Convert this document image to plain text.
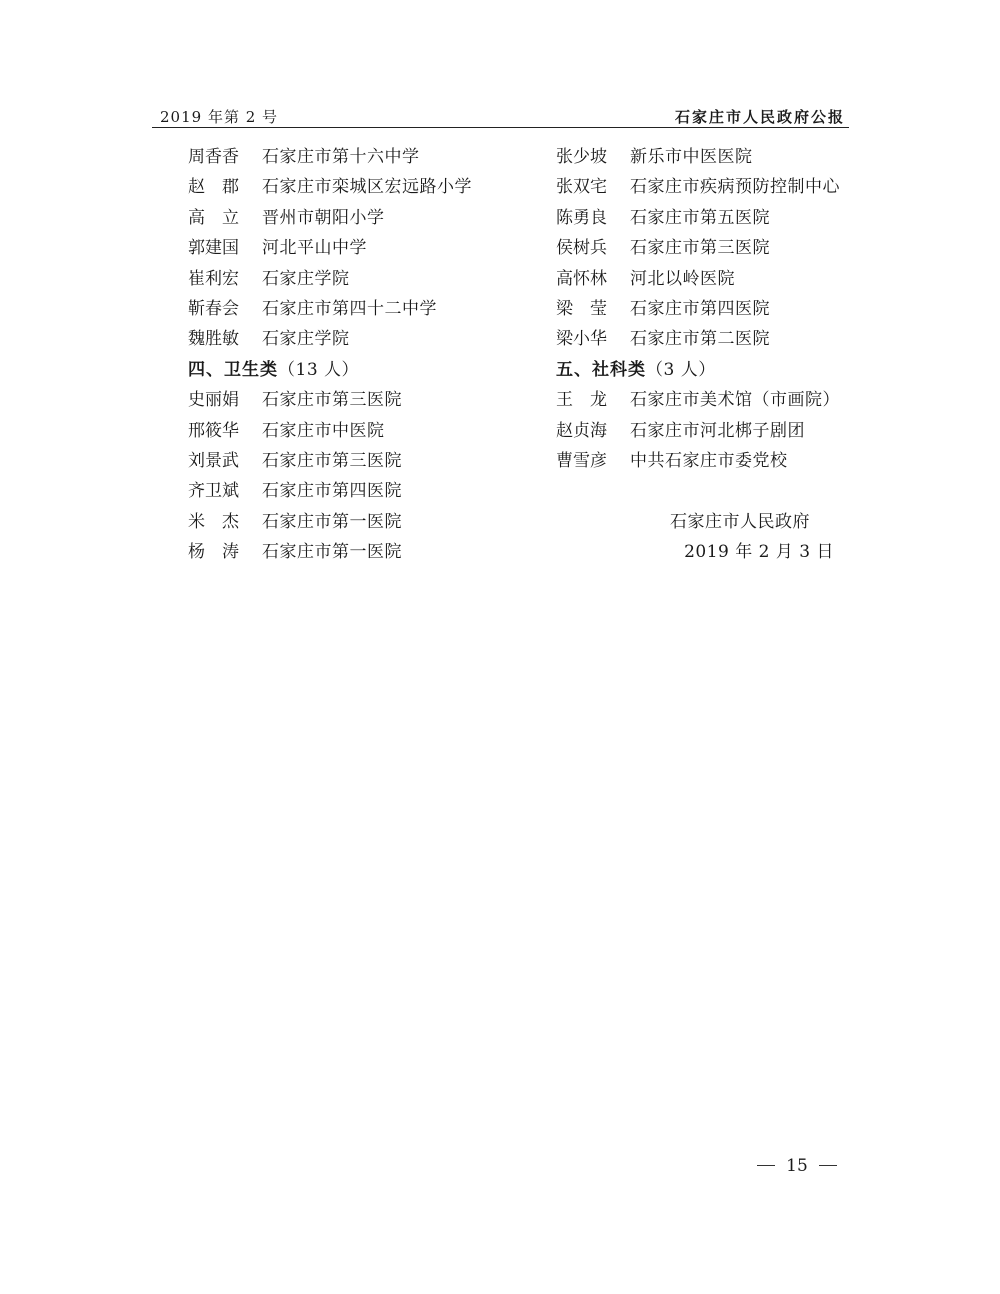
2019 年第 2 号	石家庄市人民政府公报
周香香 石家庄市第十六中学
赵　郡 石家庄市栾城区宏远路小学
高　立 晋州市朝阳小学
郭建国 河北平山中学
崔利宏 石家庄学院
靳春会 石家庄市第四十二中学
魏胜敏 石家庄学院
四、卫生类（13 人）
史丽娟 石家庄市第三医院
邢筱华 石家庄市中医院
刘景武 石家庄市第三医院
齐卫斌 石家庄市第四医院
米　杰 石家庄市第一医院
杨　涛 石家庄市第一医院
张少坡 新乐市中医医院
张双宅 石家庄市疾病预防控制中心
陈勇良 石家庄市第五医院
侯树兵 石家庄市第三医院
高怀林 河北以岭医院
梁　莹 石家庄市第四医院
梁小华 石家庄市第二医院
五、社科类（3 人）
王　龙 石家庄市美术馆（市画院）
赵贞海 石家庄市河北梆子剧团
曹雪彦 中共石家庄市委党校
石家庄市人民政府
2019 年 2 月 3 日
15
